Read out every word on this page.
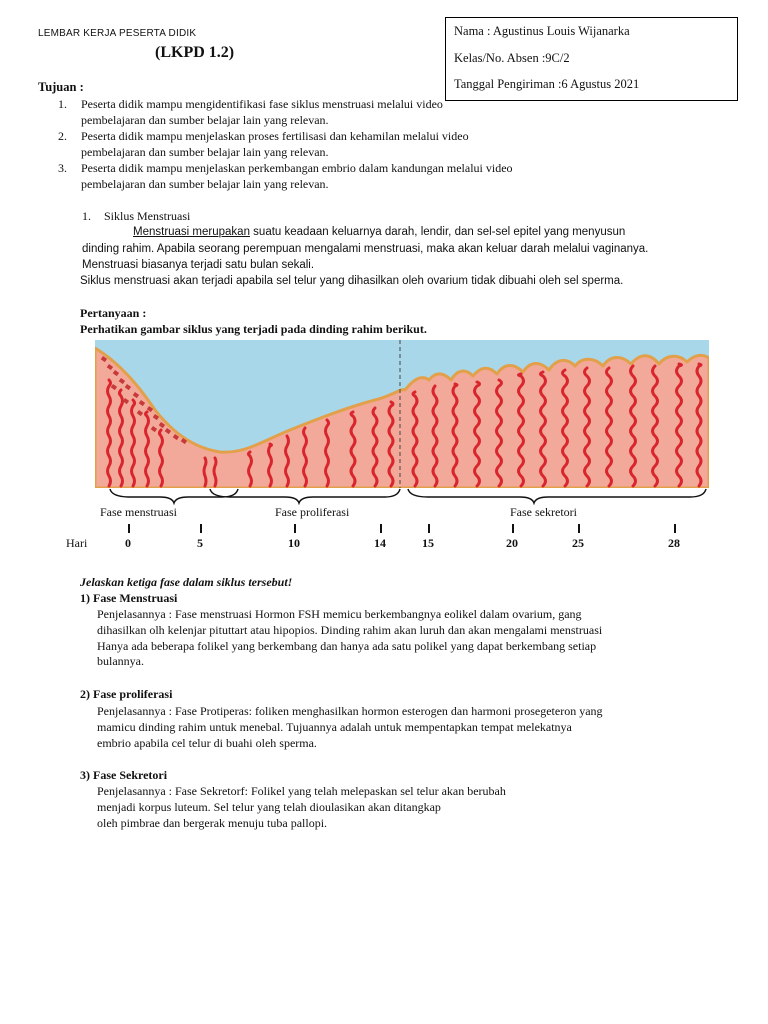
LEMBAR KERJA PESERTA DIDIK
(LKPD 1.2)
Nama : Agustinus Louis Wijanarka
Kelas/No. Absen :9C/2
Tanggal Pengiriman :6 Agustus 2021
Tujuan :
1. Peserta didik mampu mengidentifikasi fase siklus menstruasi melalui video
pembelajaran dan sumber belajar lain yang relevan.
2. Peserta didik mampu menjelaskan proses fertilisasi dan kehamilan melalui video
pembelajaran dan sumber belajar lain yang relevan.
3. Peserta didik mampu menjelaskan perkembangan embrio dalam kandungan melalui video
pembelajaran dan sumber belajar lain yang relevan.
1. Siklus Menstruasi
Menstruasi merupakan suatu keadaan keluarnya darah, lendir, dan sel-sel epitel yang menyusun
dinding rahim. Apabila seorang perempuan mengalami menstruasi, maka akan keluar darah melalui vaginanya.
Menstruasi biasanya terjadi satu bulan sekali.
Siklus menstruasi akan terjadi apabila sel telur yang dihasilkan oleh ovarium tidak dibuahi oleh sel sperma.
Pertanyaan :
Perhatikan gambar siklus yang terjadi pada dinding rahim berikut.
Fase menstruasi	Fase proliferasi	Fase sekretori
Hari	0	5	10	14	15	20	25	28
Jelaskan ketiga fase dalam siklus tersebut!
1) Fase Menstruasi
Penjelasannya : Fase menstruasi Hormon FSH memicu berkembangnya eolikel dalam ovarium, gang
dihasilkan olh kelenjar pituttart atau hipopios. Dinding rahim akan luruh dan akan mengalami menstruasi
Hanya ada beberapa folikel yang berkembang dan hanya ada satu polikel yang dapat berkembang setiap
bulannya.
2) Fase proliferasi
Penjelasannya : Fase Protiperas: foliken menghasilkan hormon esterogen dan harmoni prosegeteron yang
mamicu dinding rahim untuk menebal. Tujuannya adalah untuk mempentapkan tempat melekatnya
embrio apabila cel telur di buahi oleh sperma.
3) Fase Sekretori
Penjelasannya : Fase Sekretorf: Folikel yang telah melepaskan sel telur akan berubah
menjadi korpus luteum. Sel telur yang telah dioulasikan akan ditangkap
oleh pimbrae dan bergerak menuju tuba pallopi.
